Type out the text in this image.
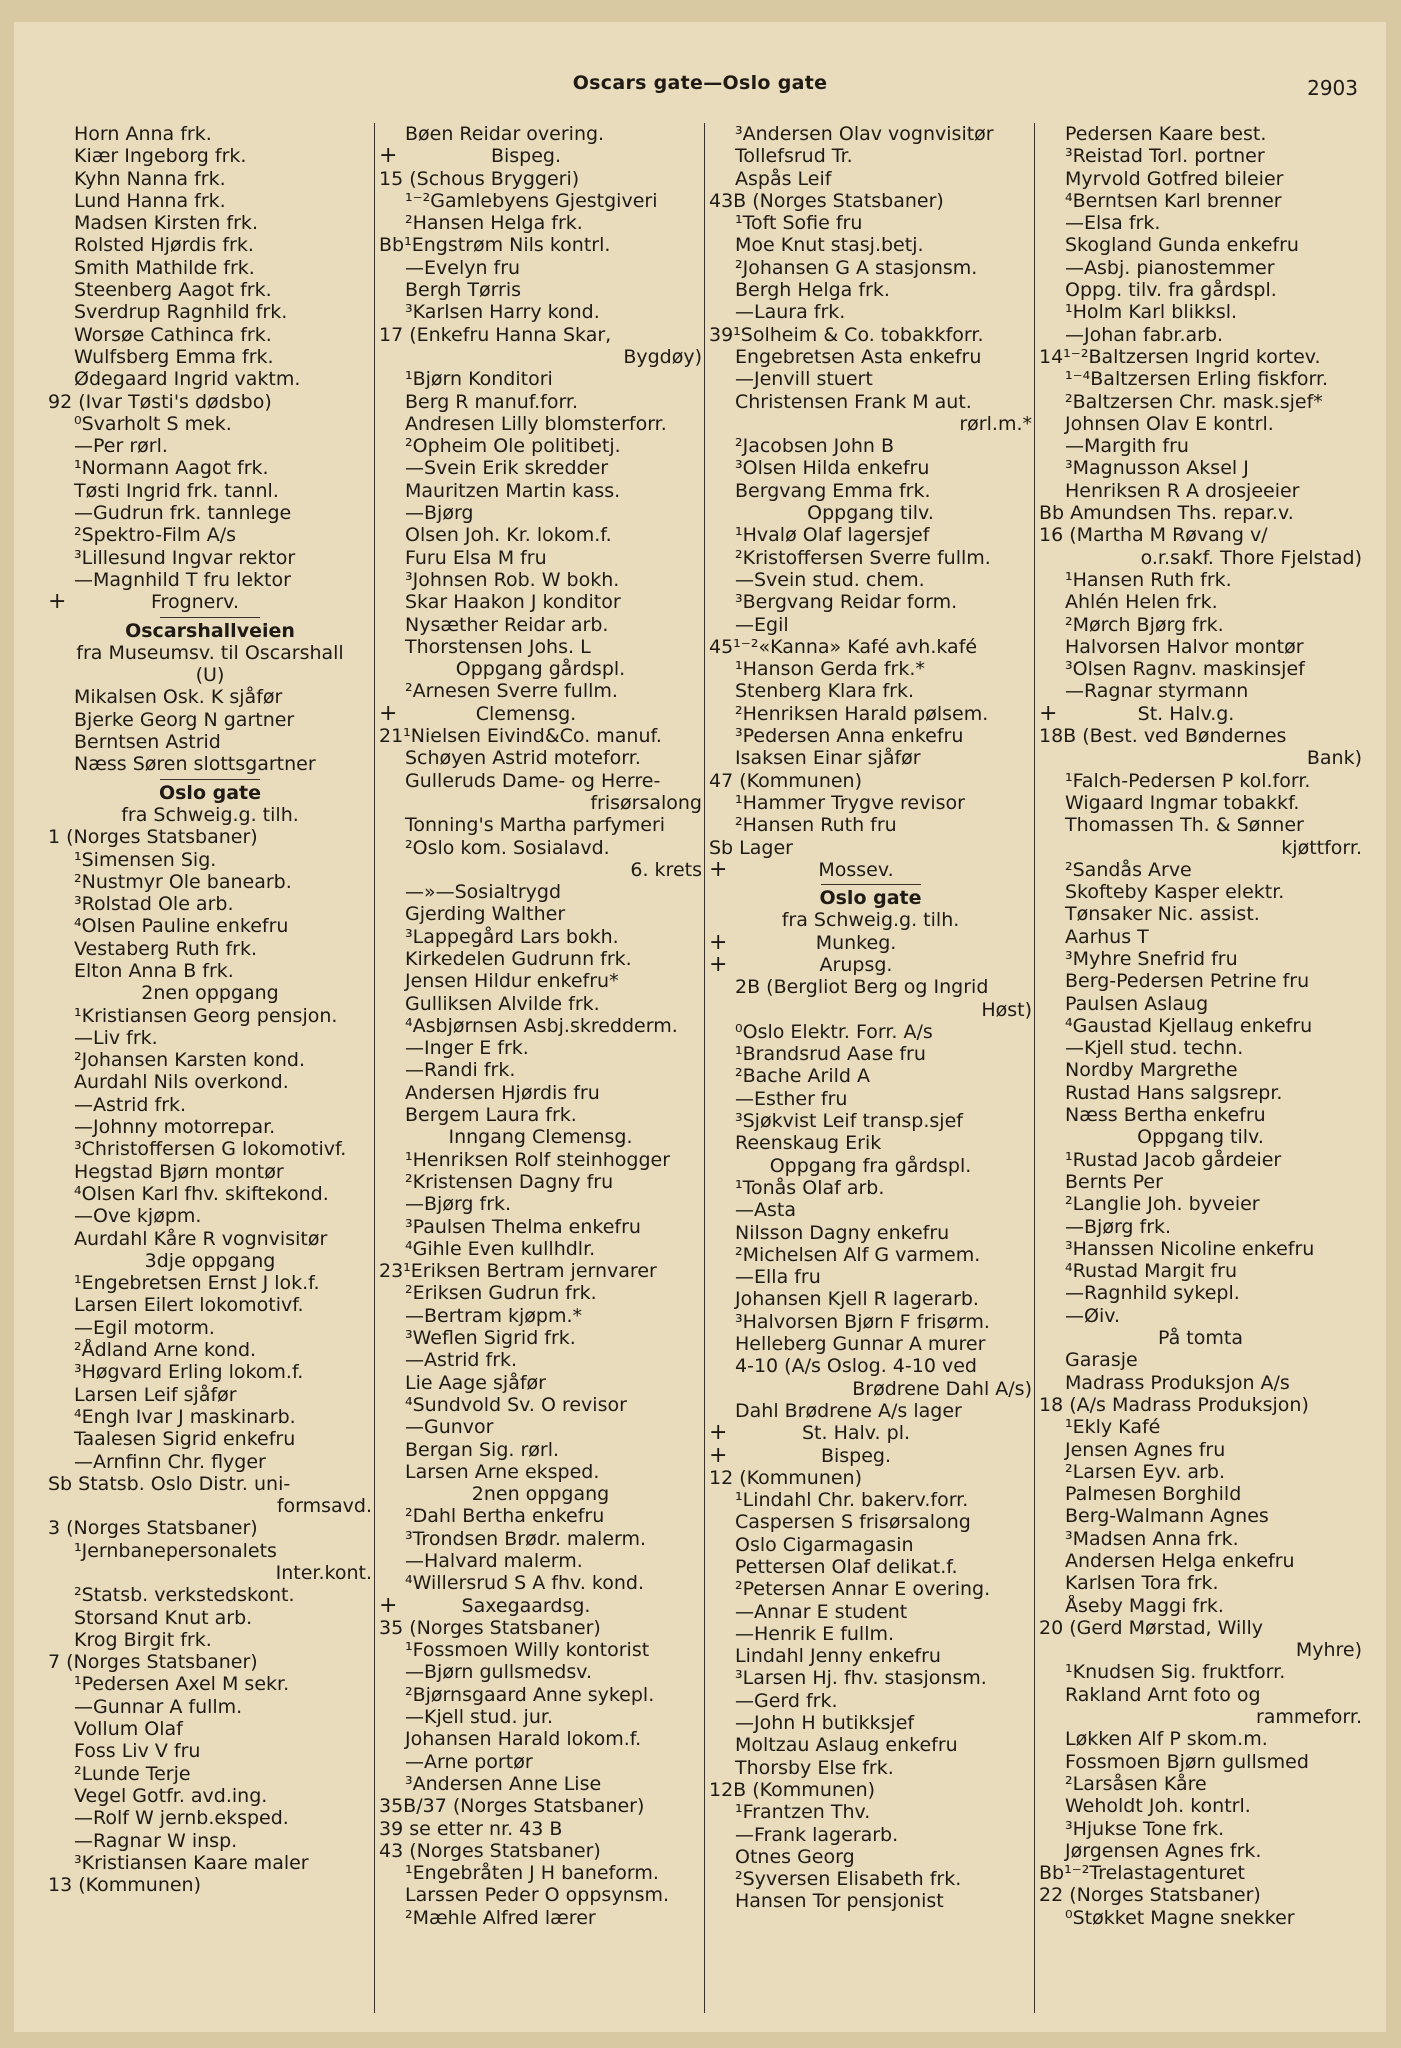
Oscars gate—Oslo gate	2903
Horn Anna frk.
Kiær Ingeborg frk.
Kyhn Nanna frk.
Lund Hanna frk.
Madsen Kirsten frk.
Rolsted Hjørdis frk.
Smith Mathilde frk.
Steenberg Aagot frk.
Sverdrup Ragnhild frk.
Worsøe Cathinca frk.
Wulfsberg Emma frk.
Ødegaard Ingrid vaktm.
92 (Ivar Tøsti's dødsbo)
⁰Svarholt S mek.
—Per rørl.
¹Normann Aagot frk.
Tøsti Ingrid frk. tannl.
—Gudrun frk. tannlege
²Spektro-Film A/s
³Lillesund Ingvar rektor
—Magnhild T fru lektor
+	Frognerv.
Oscarshallveien
fra Museumsv. til Oscarshall
(U)
Mikalsen Osk. K sjåfør
Bjerke Georg N gartner
Berntsen Astrid
Næss Søren slottsgartner
Oslo gate
fra Schweig.g. tilh.
1 (Norges Statsbaner)
¹Simensen Sig.
²Nustmyr Ole banearb.
³Rolstad Ole arb.
⁴Olsen Pauline enkefru
Vestaberg Ruth frk.
Elton Anna B frk.
2nen oppgang
¹Kristiansen Georg pensjon.
—Liv frk.
²Johansen Karsten kond.
Aurdahl Nils overkond.
—Astrid frk.
—Johnny motorrepar.
³Christoffersen G lokomotivf.
Hegstad Bjørn montør
⁴Olsen Karl fhv. skiftekond.
—Ove kjøpm.
Aurdahl Kåre R vognvisitør
3dje oppgang
¹Engebretsen Ernst J lok.f.
Larsen Eilert lokomotivf.
—Egil motorm.
²Ådland Arne kond.
³Høgvard Erling lokom.f.
Larsen Leif sjåfør
⁴Engh Ivar J maskinarb.
Taalesen Sigrid enkefru
—Arnfinn Chr. flyger
Sb Statsb. Oslo Distr. uni-
formsavd.
3 (Norges Statsbaner)
¹Jernbanepersonalets
Inter.kont.
²Statsb. verkstedskont.
Storsand Knut arb.
Krog Birgit frk.
7 (Norges Statsbaner)
¹Pedersen Axel M sekr.
—Gunnar A fullm.
Vollum Olaf
Foss Liv V fru
²Lunde Terje
Vegel Gotfr. avd.ing.
—Rolf W jernb.eksped.
—Ragnar W insp.
³Kristiansen Kaare maler
13 (Kommunen)
Bøen Reidar overing.
+	Bispeg.
15 (Schous Bryggeri)
¹⁻²Gamlebyens Gjestgiveri
²Hansen Helga frk.
Bb¹Engstrøm Nils kontrl.
—Evelyn fru
Bergh Tørris
³Karlsen Harry kond.
17 (Enkefru Hanna Skar,
Bygdøy)
¹Bjørn Konditori
Berg R manuf.forr.
Andresen Lilly blomsterforr.
²Opheim Ole politibetj.
—Svein Erik skredder
Mauritzen Martin kass.
—Bjørg
Olsen Joh. Kr. lokom.f.
Furu Elsa M fru
³Johnsen Rob. W bokh.
Skar Haakon J konditor
Nysæther Reidar arb.
Thorstensen Johs. L
Oppgang gårdspl.
²Arnesen Sverre fullm.
+	Clemensg.
21¹Nielsen Eivind&Co. manuf.
Schøyen Astrid moteforr.
Gulleruds Dame- og Herre-
frisørsalong
Tonning's Martha parfymeri
²Oslo kom. Sosialavd.
6. krets
—»—Sosialtrygd
Gjerding Walther
³Lappegård Lars bokh.
Kirkedelen Gudrunn frk.
Jensen Hildur enkefru*
Gulliksen Alvilde frk.
⁴Asbjørnsen Asbj.skredderm.
—Inger E frk.
—Randi frk.
Andersen Hjørdis fru
Bergem Laura frk.
Inngang Clemensg.
¹Henriksen Rolf steinhogger
²Kristensen Dagny fru
—Bjørg frk.
³Paulsen Thelma enkefru
⁴Gihle Even kullhdlr.
23¹Eriksen Bertram jernvarer
²Eriksen Gudrun frk.
—Bertram kjøpm.*
³Weflen Sigrid frk.
—Astrid frk.
Lie Aage sjåfør
⁴Sundvold Sv. O revisor
—Gunvor
Bergan Sig. rørl.
Larsen Arne eksped.
2nen oppgang
²Dahl Bertha enkefru
³Trondsen Brødr. malerm.
—Halvard malerm.
⁴Willersrud S A fhv. kond.
+	Saxegaardsg.
35 (Norges Statsbaner)
¹Fossmoen Willy kontorist
—Bjørn gullsmedsv.
²Bjørnsgaard Anne sykepl.
—Kjell stud. jur.
Johansen Harald lokom.f.
—Arne portør
³Andersen Anne Lise
35B/37 (Norges Statsbaner)
39 se etter nr. 43 B
43 (Norges Statsbaner)
¹Engebråten J H baneform.
Larssen Peder O oppsynsm.
²Mæhle Alfred lærer
³Andersen Olav vognvisitør
Tollefsrud Tr.
Aspås Leif
43B (Norges Statsbaner)
¹Toft Sofie fru
Moe Knut stasj.betj.
²Johansen G A stasjonsm.
Bergh Helga frk.
—Laura frk.
39¹Solheim & Co. tobakkforr.
Engebretsen Asta enkefru
—Jenvill stuert
Christensen Frank M aut.
rørl.m.*
²Jacobsen John B
³Olsen Hilda enkefru
Bergvang Emma frk.
Oppgang tilv.
¹Hvalø Olaf lagersjef
²Kristoffersen Sverre fullm.
—Svein stud. chem.
³Bergvang Reidar form.
—Egil
45¹⁻²«Kanna» Kafé avh.kafé
¹Hanson Gerda frk.*
Stenberg Klara frk.
²Henriksen Harald pølsem.
³Pedersen Anna enkefru
Isaksen Einar sjåfør
47 (Kommunen)
¹Hammer Trygve revisor
²Hansen Ruth fru
Sb Lager
+	Mossev.
Oslo gate
fra Schweig.g. tilh.
+	Munkeg.
+	Arupsg.
2B (Bergliot Berg og Ingrid
Høst)
⁰Oslo Elektr. Forr. A/s
¹Brandsrud Aase fru
²Bache Arild A
—Esther fru
³Sjøkvist Leif transp.sjef
Reenskaug Erik
Oppgang fra gårdspl.
¹Tonås Olaf arb.
—Asta
Nilsson Dagny enkefru
²Michelsen Alf G varmem.
—Ella fru
Johansen Kjell R lagerarb.
³Halvorsen Bjørn F frisørm.
Helleberg Gunnar A murer
4-10 (A/s Oslog. 4-10 ved
Brødrene Dahl A/s)
Dahl Brødrene A/s lager
+	St. Halv. pl.
+	Bispeg.
12 (Kommunen)
¹Lindahl Chr. bakerv.forr.
Caspersen S frisørsalong
Oslo Cigarmagasin
Pettersen Olaf delikat.f.
²Petersen Annar E overing.
—Annar E student
—Henrik E fullm.
Lindahl Jenny enkefru
³Larsen Hj. fhv. stasjonsm.
—Gerd frk.
—John H butikksjef
Moltzau Aslaug enkefru
Thorsby Else frk.
12B (Kommunen)
¹Frantzen Thv.
—Frank lagerarb.
Otnes Georg
²Syversen Elisabeth frk.
Hansen Tor pensjonist
Pedersen Kaare best.
³Reistad Torl. portner
Myrvold Gotfred bileier
⁴Berntsen Karl brenner
—Elsa frk.
Skogland Gunda enkefru
—Asbj. pianostemmer
Oppg. tilv. fra gårdspl.
¹Holm Karl blikksl.
—Johan fabr.arb.
14¹⁻²Baltzersen Ingrid kortev.
¹⁻⁴Baltzersen Erling fiskforr.
²Baltzersen Chr. mask.sjef*
Johnsen Olav E kontrl.
—Margith fru
³Magnusson Aksel J
Henriksen R A drosjeeier
Bb Amundsen Ths. repar.v.
16 (Martha M Røvang v/
o.r.sakf. Thore Fjelstad)
¹Hansen Ruth frk.
Ahlén Helen frk.
²Mørch Bjørg frk.
Halvorsen Halvor montør
³Olsen Ragnv. maskinsjef
—Ragnar styrmann
+	St. Halv.g.
18B (Best. ved Bøndernes
Bank)
¹Falch-Pedersen P kol.forr.
Wigaard Ingmar tobakkf.
Thomassen Th. & Sønner
kjøttforr.
²Sandås Arve
Skofteby Kasper elektr.
Tønsaker Nic. assist.
Aarhus T
³Myhre Snefrid fru
Berg-Pedersen Petrine fru
Paulsen Aslaug
⁴Gaustad Kjellaug enkefru
—Kjell stud. techn.
Nordby Margrethe
Rustad Hans salgsrepr.
Næss Bertha enkefru
Oppgang tilv.
¹Rustad Jacob gårdeier
Bernts Per
²Langlie Joh. byveier
—Bjørg frk.
³Hanssen Nicoline enkefru
⁴Rustad Margit fru
—Ragnhild sykepl.
—Øiv.
På tomta
Garasje
Madrass Produksjon A/s
18 (A/s Madrass Produksjon)
¹Ekly Kafé
Jensen Agnes fru
²Larsen Eyv. arb.
Palmesen Borghild
Berg-Walmann Agnes
³Madsen Anna frk.
Andersen Helga enkefru
Karlsen Tora frk.
Åseby Maggi frk.
20 (Gerd Mørstad, Willy
Myhre)
¹Knudsen Sig. fruktforr.
Rakland Arnt foto og
rammeforr.
Løkken Alf P skom.m.
Fossmoen Bjørn gullsmed
²Larsåsen Kåre
Weholdt Joh. kontrl.
³Hjukse Tone frk.
Jørgensen Agnes frk.
Bb¹⁻²Trelastagenturet
22 (Norges Statsbaner)
⁰Støkket Magne snekker
